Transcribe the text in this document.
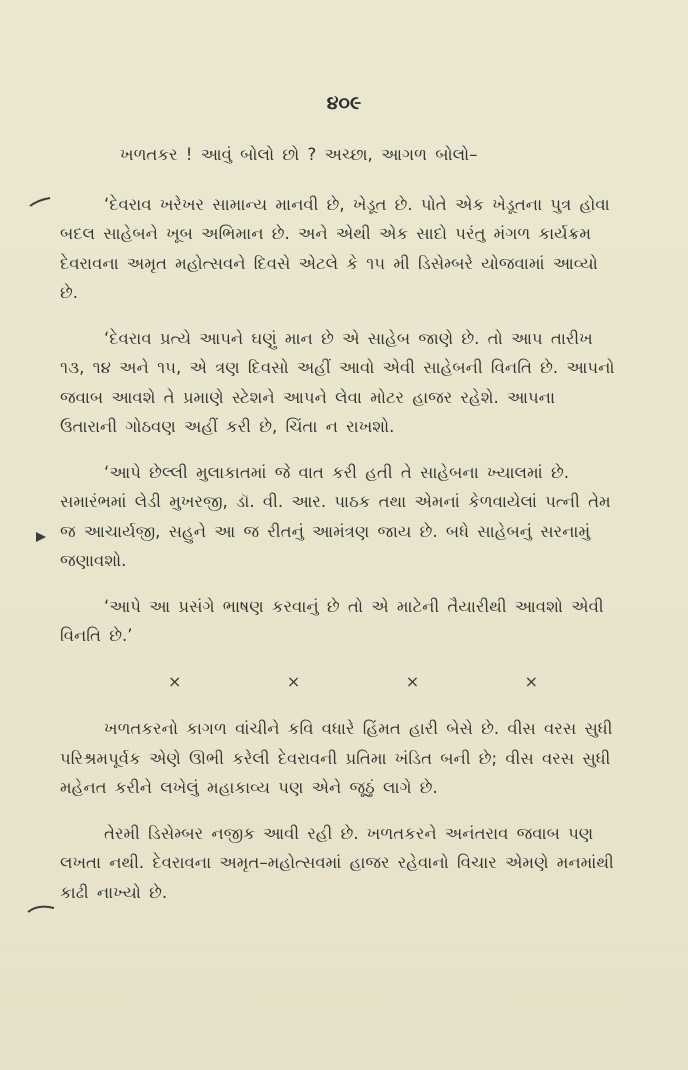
૪૦૯

ખળતકર ! આવું બોલો છો ? અચ્છા, આગળ બોલો–

‘દેવરાવ ખરેખર સામાન્ય માનવી છે, ખેડૂત છે. પોતે એક ખેડૂતના પુત્ર હોવા બદલ સાહેબને ખૂબ અભિમાન છે. અને એથી એક સાદો પરંતુ મંગળ કાર્યક્રમ દેવરાવના અમૃત મહોત્સવને દિવસે એટલે કે ૧૫ મી ડિસેમ્બરે યોજવામાં આવ્યો છે.

‘દેવરાવ પ્રત્યે આપને ઘણું માન છે એ સાહેબ જાણે છે. તો આપ તારીખ ૧૩, ૧૪ અને ૧૫, એ ત્રણ દિવસો અહીં આવો એવી સાહેબની વિનતિ છે. આપનો જવાબ આવશે તે પ્રમાણે સ્ટેશને આપને લેવા મોટર હાજર રહેશે. આપના ઉતારાની ગોઠવણ અહીં કરી છે, ચિંતા ન રાખશો.

‘આપે છેલ્લી મુલાકાતમાં જે વાત કરી હતી તે સાહેબના ખ્યાલમાં છે. સમારંભમાં લેડી મુખરજી, ડૉ. વી. આર. પાઠક તથા એમનાં કેળવાયેલાં પત્ની તેમ જ આચાર્યજી, સહુને આ જ રીતનું આમંત્રણ જાય છે. બધે સાહેબનું સરનામું જણાવશો.

‘આપે આ પ્રસંગે ભાષણ કરવાનું છે તો એ માટેની તૈયારીથી આવશો એવી વિનતિ છે.’

×	×	×	×

ખળતકરનો કાગળ વાંચીને કવિ વધારે હિંમત હારી બેસે છે. વીસ વરસ સુધી પરિશ્રમપૂર્વક એણે ઊભી કરેલી દેવરાવની પ્રતિમા ખંડિત બની છે; વીસ વરસ સુધી મહેનત કરીને લખેલું મહાકાવ્ય પણ એને જૂઠું લાગે છે.

તેરમી ડિસેમ્બર નજીક આવી રહી છે. ખળતકરને અનંતરાવ જવાબ પણ લખતા નથી. દેવરાવના અમૃત–મહોત્સવમાં હાજર રહેવાનો વિચાર એમણે મનમાંથી કાઢી નાખ્યો છે.
